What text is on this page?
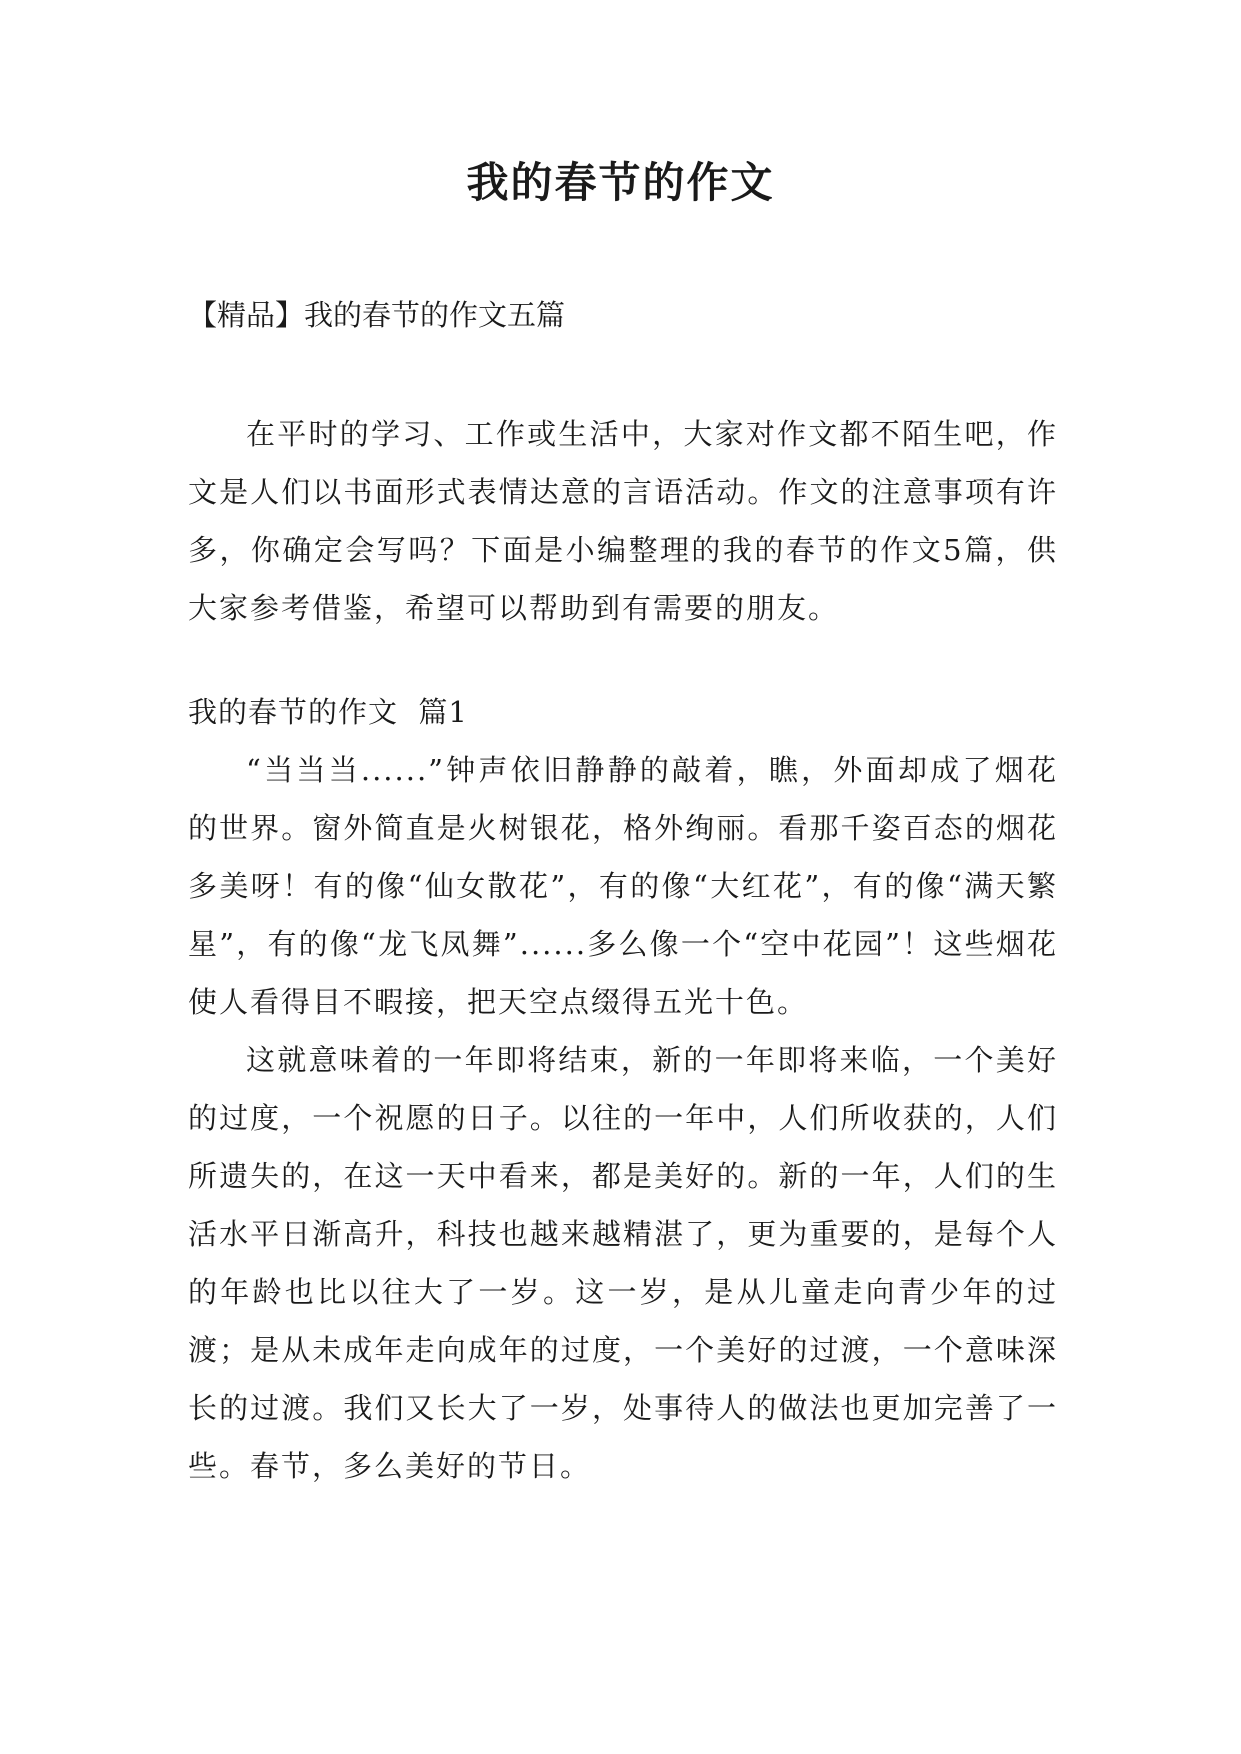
我的春节的作文
【精品】我的春节的作文五篇

在平时的学习、工作或生活中，大家对作文都不陌生吧，作文是人们以书面形式表情达意的言语活动。作文的注意事项有许多，你确定会写吗？下面是小编整理的我的春节的作文5篇，供大家参考借鉴，希望可以帮助到有需要的朋友。

我的春节的作文  篇1

“当当当......”钟声依旧静静的敲着，瞧，外面却成了烟花的世界。窗外简直是火树银花，格外绚丽。看那千姿百态的烟花多美呀！有的像“仙女散花”，有的像“大红花”，有的像“满天繁星”，有的像“龙飞凤舞”......多么像一个“空中花园”！这些烟花使人看得目不暇接，把天空点缀得五光十色。

这就意味着的一年即将结束，新的一年即将来临，一个美好的过度，一个祝愿的日子。以往的一年中，人们所收获的，人们所遗失的，在这一天中看来，都是美好的。新的一年，人们的生活水平日渐高升，科技也越来越精湛了，更为重要的，是每个人的年龄也比以往大了一岁。这一岁，是从儿童走向青少年的过渡；是从未成年走向成年的过度，一个美好的过渡，一个意味深长的过渡。我们又长大了一岁，处事待人的做法也更加完善了一些。春节，多么美好的节日。
